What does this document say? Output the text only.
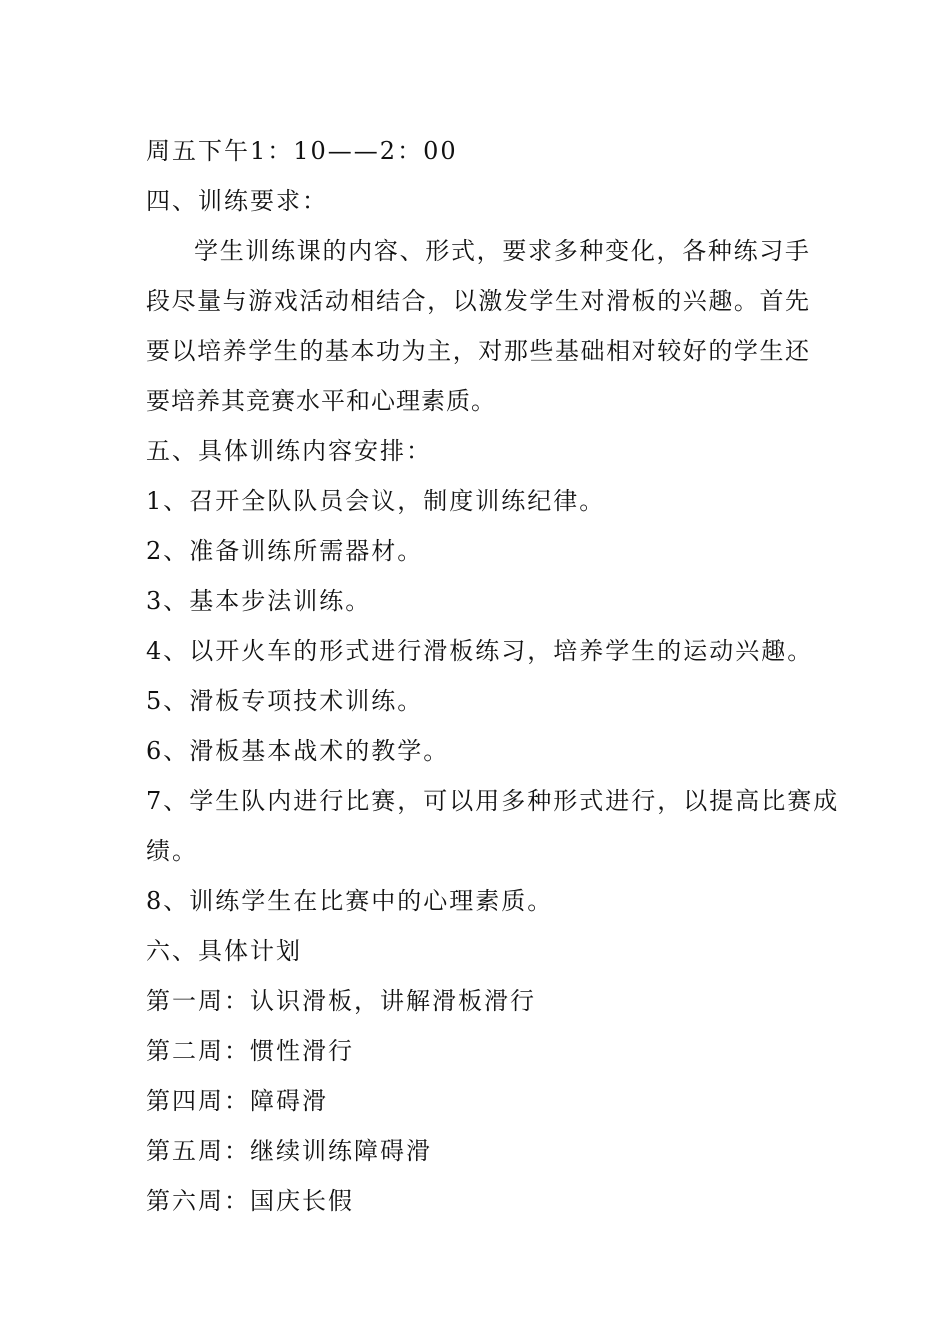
周五下午1：10——2：00
四、训练要求：

学生训练课的内容、形式，要求多种变化，各种练习手段尽量与游戏活动相结合，以激发学生对滑板的兴趣。首先要以培养学生的基本功为主，对那些基础相对较好的学生还要培养其竞赛水平和心理素质。

五、具体训练内容安排：
1、召开全队队员会议，制度训练纪律。
2、准备训练所需器材。
3、基本步法训练。
4、以开火车的形式进行滑板练习，培养学生的运动兴趣。
5、滑板专项技术训练。
6、滑板基本战术的教学。
7、学生队内进行比赛，可以用多种形式进行，以提高比赛成
绩。
8、训练学生在比赛中的心理素质。
六、具体计划
第一周：认识滑板，讲解滑板滑行
第二周：惯性滑行
第四周：障碍滑
第五周：继续训练障碍滑
第六周：国庆长假
